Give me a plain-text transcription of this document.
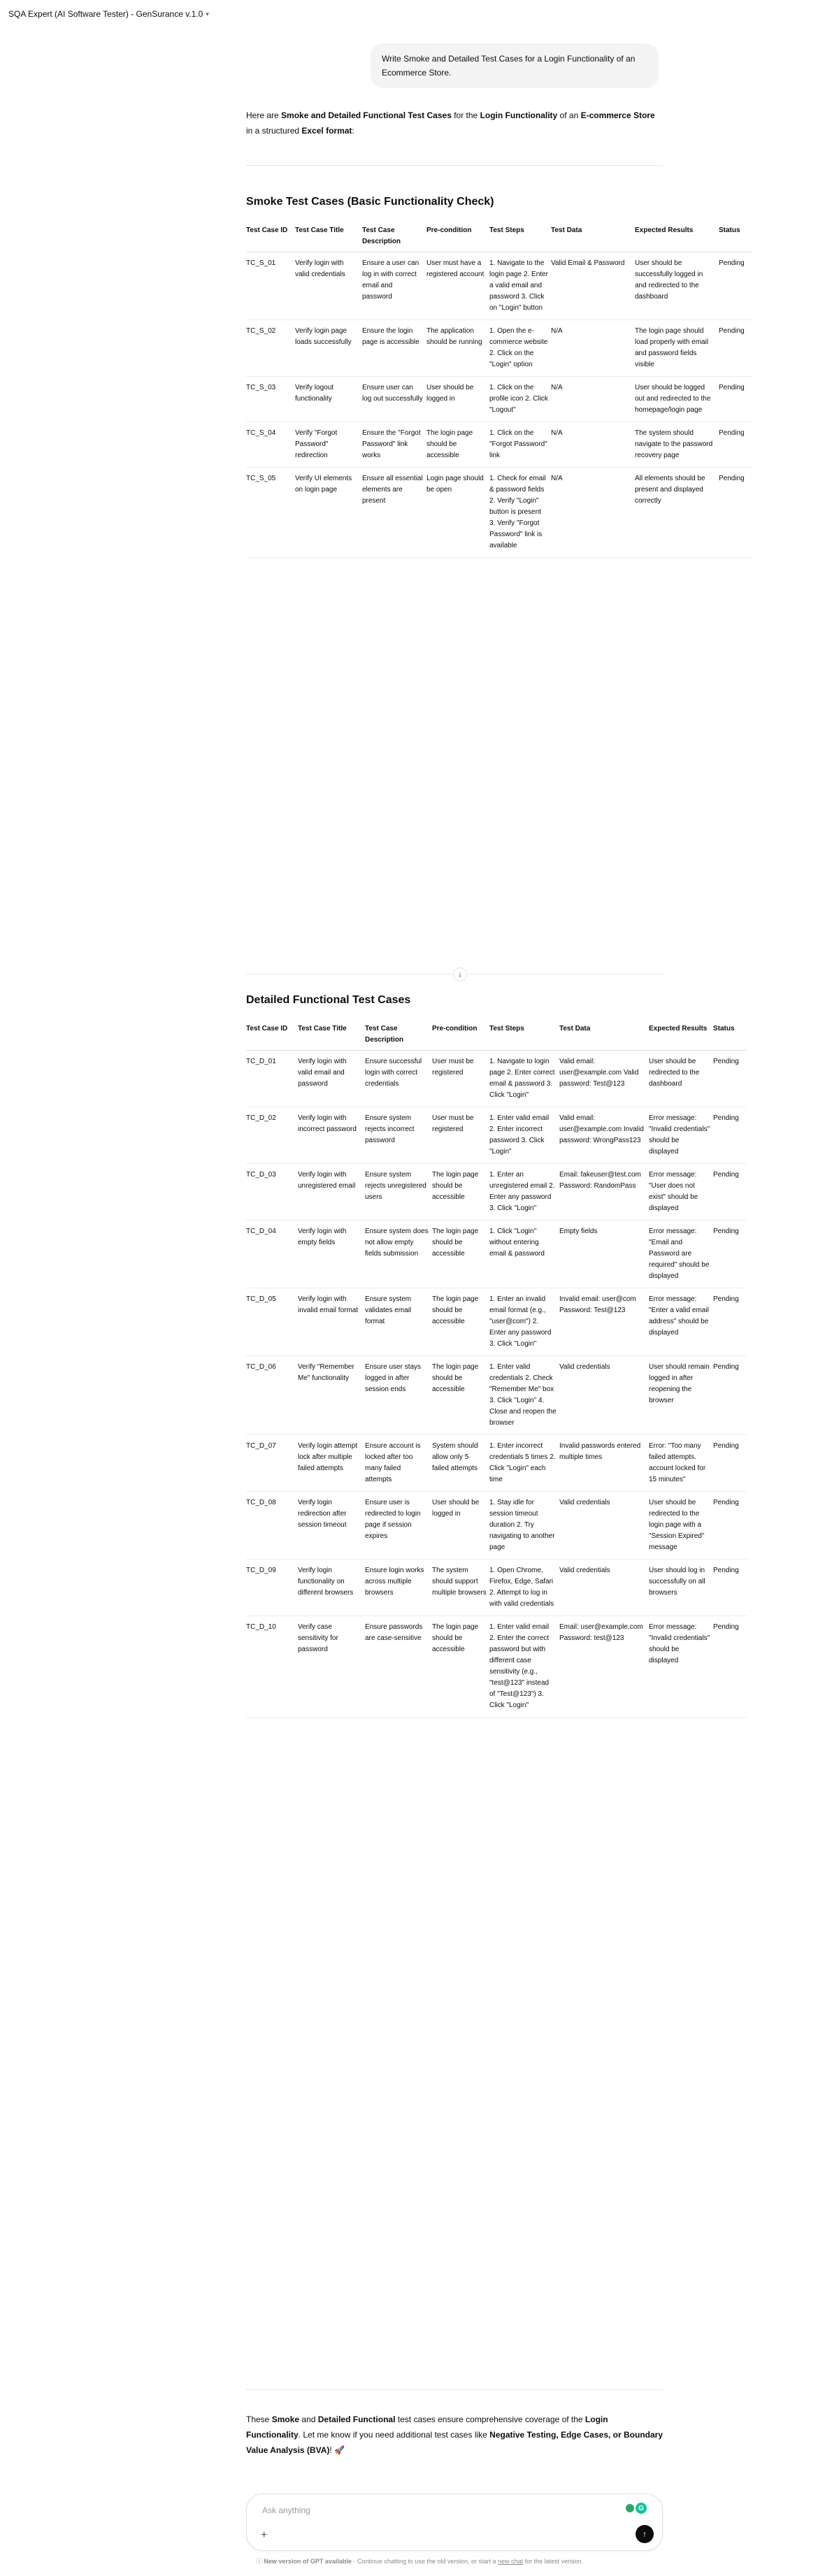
SQA Expert (AI Software Tester) - GenSurance v.1.0 ▾
Write Smoke and Detailed Test Cases for a Login Functionality of an Ecommerce Store.
Here are Smoke and Detailed Functional Test Cases for the Login Functionality of an E-commerce Store in a structured Excel format:
Smoke Test Cases (Basic Functionality Check)
Test Case ID	Test Case Title	Test Case Description	Pre-condition	Test Steps	Test Data	Expected Results	Status
TC_S_01	Verify login with valid credentials	Ensure a user can log in with correct email and password	User must have a registered account	1. Navigate to the login page 2. Enter a valid email and password 3. Click on "Login" button	Valid Email & Password	User should be successfully logged in and redirected to the dashboard	Pending
TC_S_02	Verify login page loads successfully	Ensure the login page is accessible	The application should be running	1. Open the e-commerce website 2. Click on the "Login" option	N/A	The login page should load properly with email and password fields visible	Pending
TC_S_03	Verify logout functionality	Ensure user can log out successfully	User should be logged in	1. Click on the profile icon 2. Click "Logout"	N/A	User should be logged out and redirected to the homepage/login page	Pending
TC_S_04	Verify "Forgot Password" redirection	Ensure the "Forgot Password" link works	The login page should be accessible	1. Click on the "Forgot Password" link	N/A	The system should navigate to the password recovery page	Pending
TC_S_05	Verify UI elements on login page	Ensure all essential elements are present	Login page should be open	1. Check for email & password fields 2. Verify "Login" button is present 3. Verify "Forgot Password" link is available	N/A	All elements should be present and displayed correctly	Pending
↓
Detailed Functional Test Cases
Test Case ID	Test Case Title	Test Case Description	Pre-condition	Test Steps	Test Data	Expected Results	Status
TC_D_01	Verify login with valid email and password	Ensure successful login with correct credentials	User must be registered	1. Navigate to login page 2. Enter correct email & password 3. Click "Login"	Valid email: user@example.com Valid password: Test@123	User should be redirected to the dashboard	Pending
TC_D_02	Verify login with incorrect password	Ensure system rejects incorrect password	User must be registered	1. Enter valid email 2. Enter incorrect password 3. Click "Login"	Valid email: user@example.com Invalid password: WrongPass123	Error message: "Invalid credentials" should be displayed	Pending
TC_D_03	Verify login with unregistered email	Ensure system rejects unregistered users	The login page should be accessible	1. Enter an unregistered email 2. Enter any password 3. Click "Login"	Email: fakeuser@test.com Password: RandomPass	Error message: "User does not exist" should be displayed	Pending
TC_D_04	Verify login with empty fields	Ensure system does not allow empty fields submission	The login page should be accessible	1. Click "Login" without entering email & password	Empty fields	Error message: "Email and Password are required" should be displayed	Pending
TC_D_05	Verify login with invalid email format	Ensure system validates email format	The login page should be accessible	1. Enter an invalid email format (e.g., "user@com") 2. Enter any password 3. Click "Login"	Invalid email: user@com Password: Test@123	Error message: "Enter a valid email address" should be displayed	Pending
TC_D_06	Verify "Remember Me" functionality	Ensure user stays logged in after session ends	The login page should be accessible	1. Enter valid credentials 2. Check "Remember Me" box 3. Click "Login" 4. Close and reopen the browser	Valid credentials	User should remain logged in after reopening the browser	Pending
TC_D_07	Verify login attempt lock after multiple failed attempts	Ensure account is locked after too many failed attempts	System should allow only 5 failed attempts	1. Enter incorrect credentials 5 times 2. Click "Login" each time	Invalid passwords entered multiple times	Error: "Too many failed attempts. account locked for 15 minutes"	Pending
TC_D_08	Verify login redirection after session timeout	Ensure user is redirected to login page if session expires	User should be logged in	1. Stay idle for session timeout duration 2. Try navigating to another page	Valid credentials	User should be redirected to the login page with a "Session Expired" message	Pending
TC_D_09	Verify login functionality on different browsers	Ensure login works across multiple browsers	The system should support multiple browsers	1. Open Chrome, Firefox, Edge, Safari 2. Attempt to log in with valid credentials	Valid credentials	User should log in successfully on all browsers	Pending
TC_D_10	Verify case sensitivity for password	Ensure passwords are case-sensitive	The login page should be accessible	1. Enter valid email 2. Enter the correct password but with different case sensitivity (e.g., "test@123" instead of "Test@123") 3. Click "Login"	Email: user@example.com Password: test@123	Error message: "Invalid credentials" should be displayed	Pending
These Smoke and Detailed Functional test cases ensure comprehensive coverage of the Login Functionality. Let me know if you need additional test cases like Negative Testing, Edge Cases, or Boundary Value Analysis (BVA)! 🚀
Ask anything
+
G
↑
ⓘ New version of GPT available - Continue chatting to use the old version, or start a new chat for the latest version.
